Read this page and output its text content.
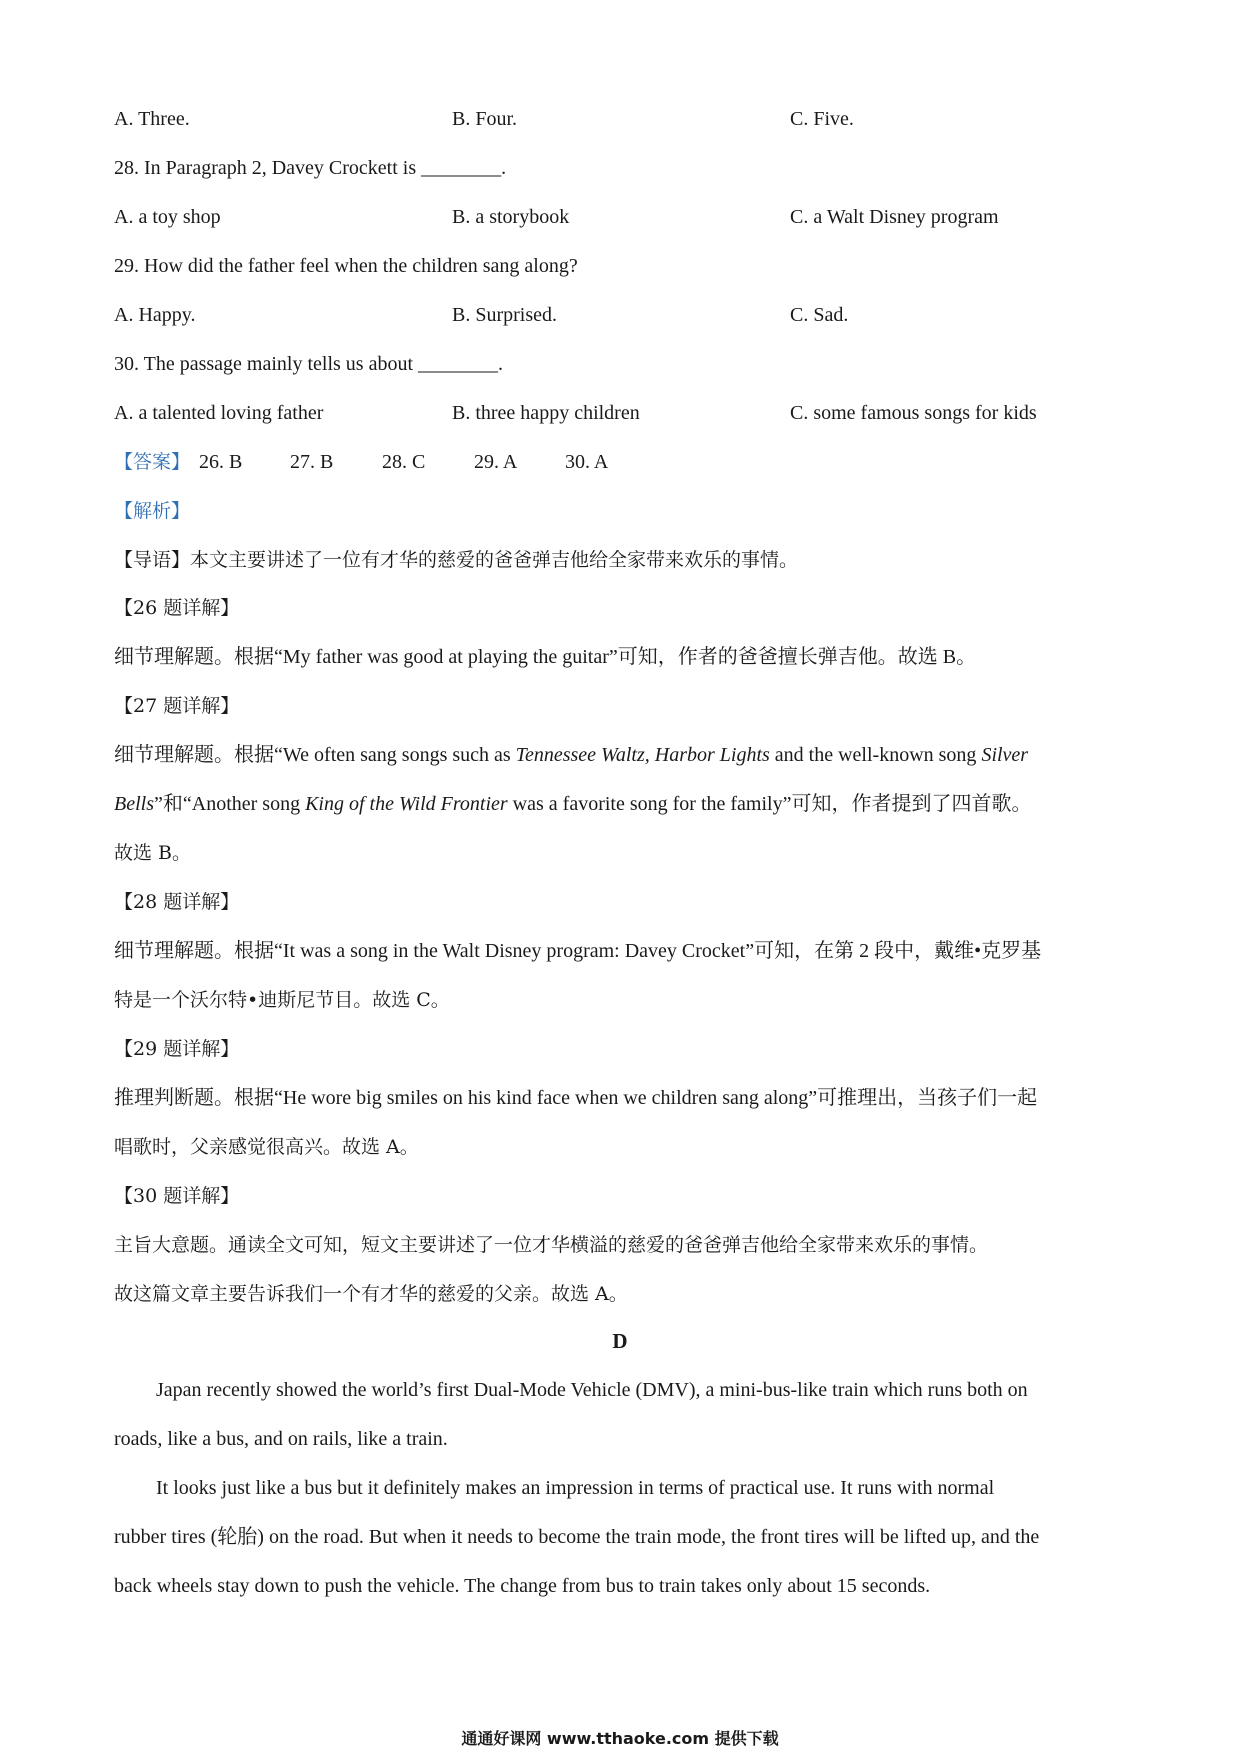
A. Three.	B. Four.	C. Five.
28. In Paragraph 2, Davey Crockett is ________.
A. a toy shop	B. a storybook	C. a Walt Disney program
29. How did the father feel when the children sang along?
A. Happy.	B. Surprised.	C. Sad.
30. The passage mainly tells us about ________.
A. a talented loving father	B. three happy children	C. some famous songs for kids
【答案】 26. B 27. B 28. C 29. A 30. A
【解析】
【导语】本文主要讲述了一位有才华的慈爱的爸爸弹吉他给全家带来欢乐的事情。
【26 题详解】
细节理解题。根据“My father was good at playing the guitar”可知，作者的爸爸擅长弹吉他。故选 B。
【27 题详解】
细节理解题。根据“We often sang songs such as Tennessee Waltz, Harbor Lights and the well-known song Silver
Bells”和“Another song King of the Wild Frontier was a favorite song for the family”可知，作者提到了四首歌。
故选 B。
【28 题详解】
细节理解题。根据“It was a song in the Walt Disney program: Davey Crocket”可知，在第 2 段中，戴维•克罗基
特是一个沃尔特•迪斯尼节目。故选 C。
【29 题详解】
推理判断题。根据“He wore big smiles on his kind face when we children sang along”可推理出，当孩子们一起
唱歌时，父亲感觉很高兴。故选 A。
【30 题详解】
主旨大意题。通读全文可知，短文主要讲述了一位才华横溢的慈爱的爸爸弹吉他给全家带来欢乐的事情。
故这篇文章主要告诉我们一个有才华的慈爱的父亲。故选 A。
D
Japan recently showed the world’s first Dual-Mode Vehicle (DMV), a mini-bus-like train which runs both on
roads, like a bus, and on rails, like a train.
It looks just like a bus but it definitely makes an impression in terms of practical use. It runs with normal
rubber tires (轮胎) on the road. But when it needs to become the train mode, the front tires will be lifted up, and the
back wheels stay down to push the vehicle. The change from bus to train takes only about 15 seconds.
通通好课网 www.tthaoke.com 提供下载
